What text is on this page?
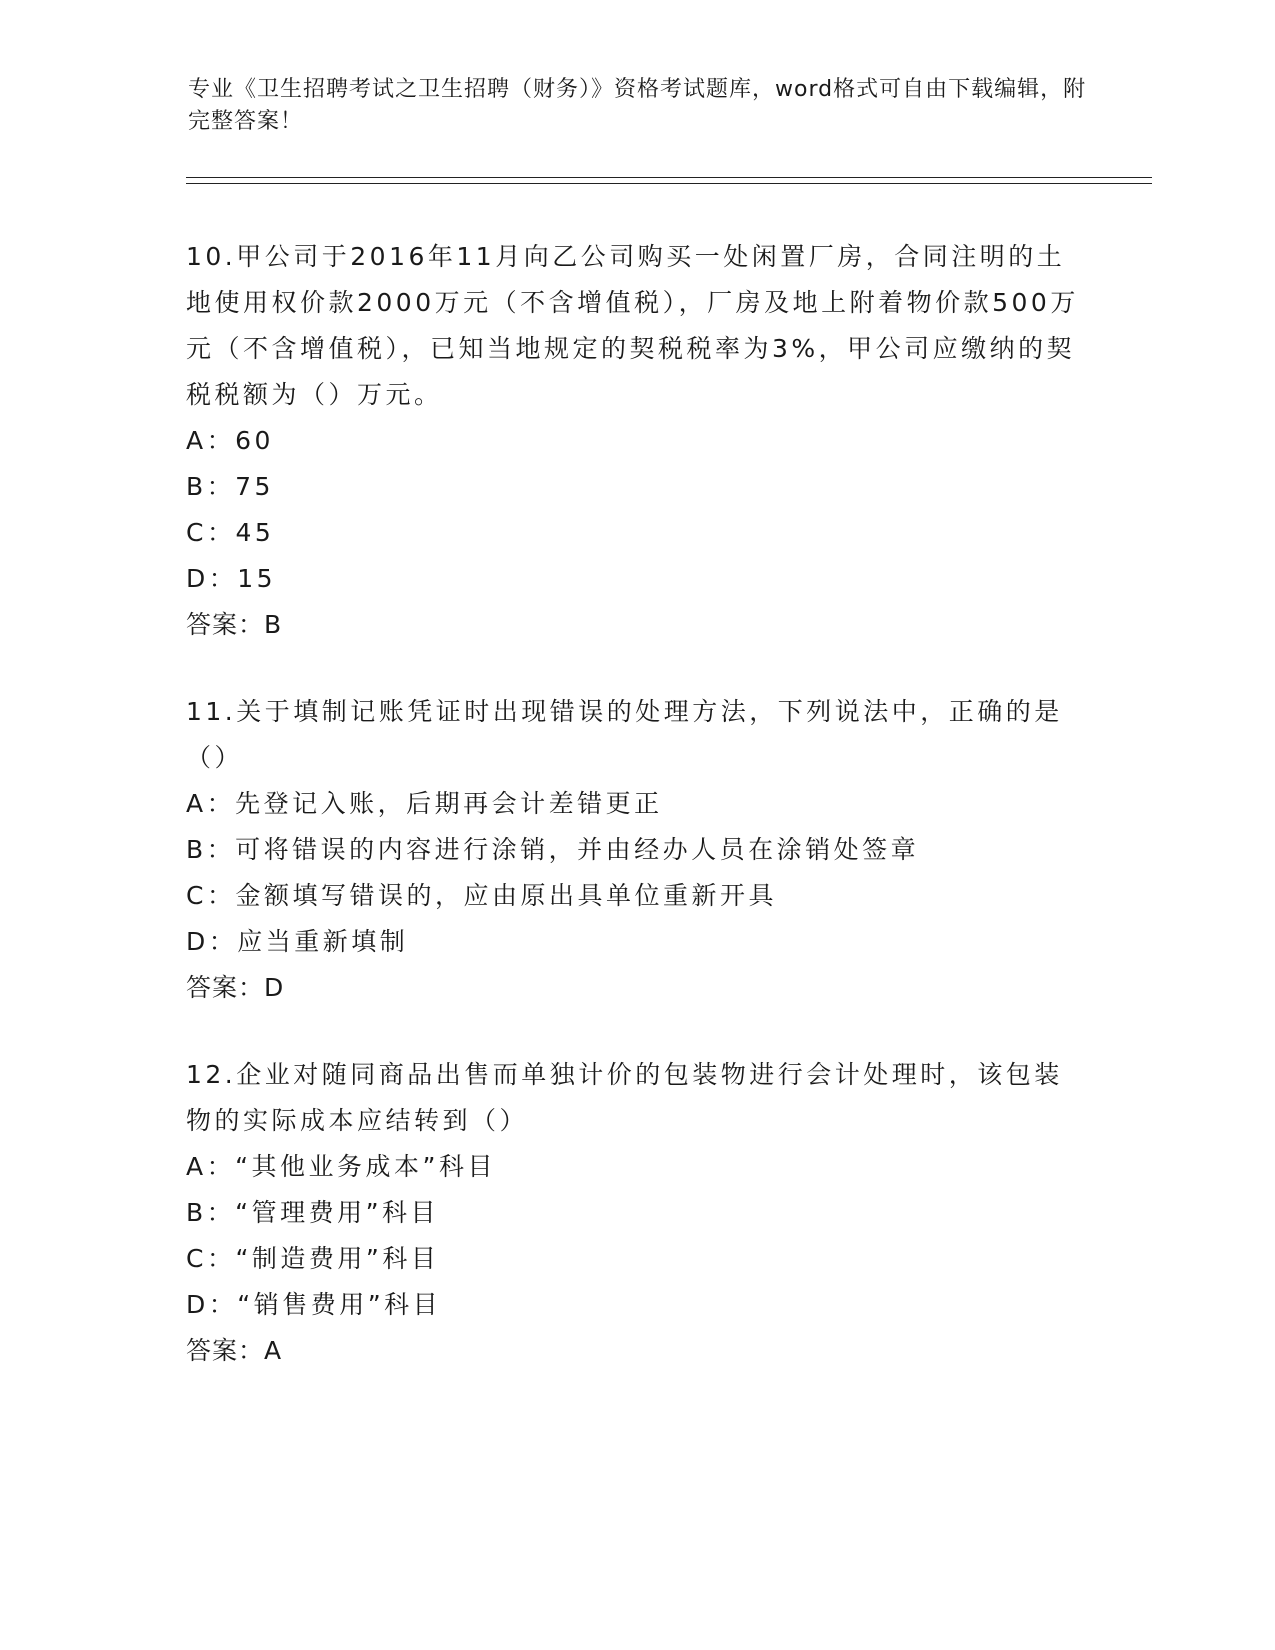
专业《卫生招聘考试之卫生招聘（财务）》资格考试题库，word格式可自由下载编辑，附完整答案！
10.甲公司于2016年11月向乙公司购买一处闲置厂房，合同注明的土地使用权价款2000万元（不含增值税），厂房及地上附着物价款500万元（不含增值税），已知当地规定的契税税率为3%，甲公司应缴纳的契税税额为（）万元。
A：60
B：75
C：45
D：15
答案：B
11.关于填制记账凭证时出现错误的处理方法，下列说法中，正确的是（）
A：先登记入账，后期再会计差错更正
B：可将错误的内容进行涂销，并由经办人员在涂销处签章
C：金额填写错误的，应由原出具单位重新开具
D：应当重新填制
答案：D
12.企业对随同商品出售而单独计价的包装物进行会计处理时，该包装物的实际成本应结转到（）
A：“其他业务成本”科目
B：“管理费用”科目
C：“制造费用”科目
D：“销售费用”科目
答案：A
